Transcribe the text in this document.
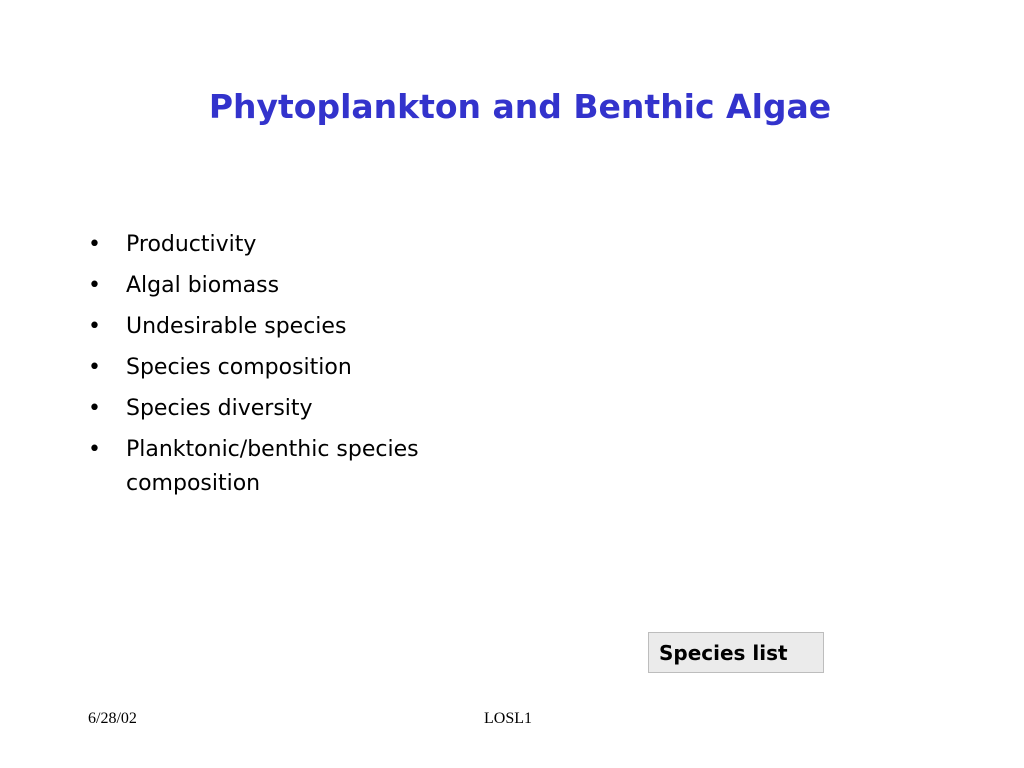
Phytoplankton and Benthic Algae
•	Productivity
•	Algal biomass
•	Undesirable species
•	Species composition
•	Species diversity
•	Planktonic/benthic species composition
Species list
6/28/02	LOSL1
